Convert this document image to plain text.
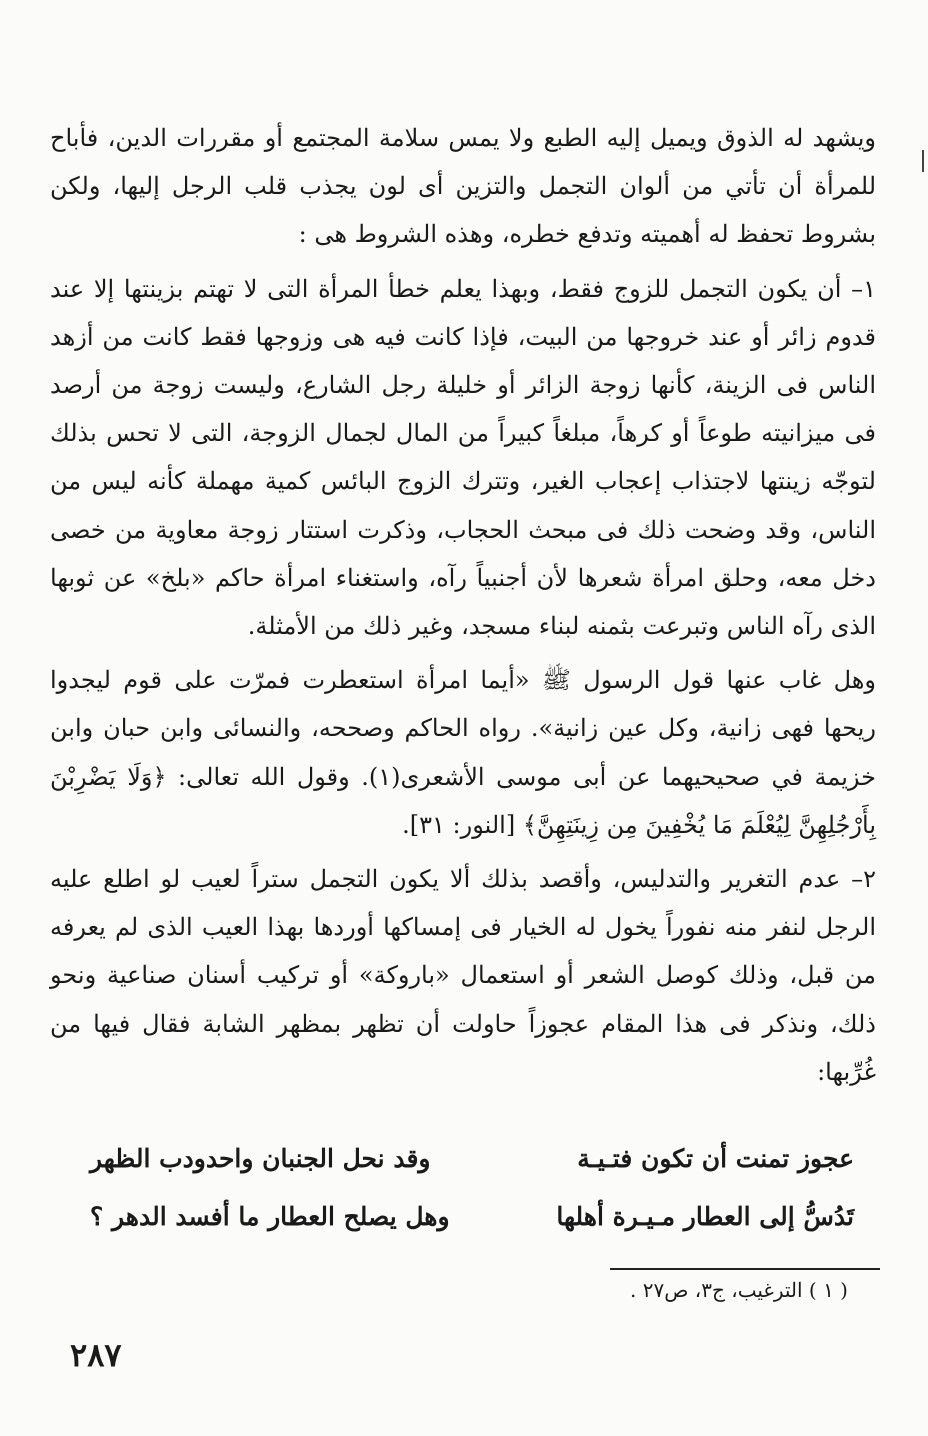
ويشهد له الذوق ويميل إليه الطبع ولا يمس سلامة المجتمع أو مقررات الدين، فأباح للمرأة أن تأتي من ألوان التجمل والتزين أى لون يجذب قلب الرجل إليها، ولكن بشروط تحفظ له أهميته وتدفع خطره، وهذه الشروط هى :

١– أن يكون التجمل للزوج فقط، وبهذا يعلم خطأ المرأة التى لا تهتم بزينتها إلا عند قدوم زائر أو عند خروجها من البيت، فإذا كانت فيه هى وزوجها فقط كانت من أزهد الناس فى الزينة، كأنها زوجة الزائر أو خليلة رجل الشارع، وليست زوجة من أرصد فى ميزانيته طوعاً أو كرهاً، مبلغاً كبيراً من المال لجمال الزوجة، التى لا تحس بذلك لتوجّه زينتها لاجتذاب إعجاب الغير، وتترك الزوج البائس كمية مهملة كأنه ليس من الناس، وقد وضحت ذلك فى مبحث الحجاب، وذكرت استتار زوجة معاوية من خصى دخل معه، وحلق امرأة شعرها لأن أجنبياً رآه، واستغناء امرأة حاكم «بلخ» عن ثوبها الذى رآه الناس وتبرعت بثمنه لبناء مسجد، وغير ذلك من الأمثلة.

وهل غاب عنها قول الرسول ﷺ «أيما امرأة استعطرت فمرّت على قوم ليجدوا ريحها فهى زانية، وكل عين زانية». رواه الحاكم وصححه، والنسائى وابن حبان وابن خزيمة في صحيحيهما عن أبى موسى الأشعرى(١). وقول الله تعالى: ﴿وَلَا يَضْرِبْنَ بِأَرْجُلِهِنَّ لِيُعْلَمَ مَا يُخْفِينَ مِن زِينَتِهِنَّ﴾ [النور: ٣١].

٢– عدم التغرير والتدليس، وأقصد بذلك ألا يكون التجمل ستراً لعيب لو اطلع عليه الرجل لنفر منه نفوراً يخول له الخيار فى إمساكها أوردها بهذا العيب الذى لم يعرفه من قبل، وذلك كوصل الشعر أو استعمال «باروكة» أو تركيب أسنان صناعية ونحو ذلك، ونذكر فى هذا المقام عجوزاً حاولت أن تظهر بمظهر الشابة فقال فيها من غُرِّبها:

عجوز تمنت أن تكون فتـيـة
وقد نحل الجنبان واحدودب الظهر
تَدُسُّ إلى العطار مـيـرة أهلها
وهل يصلح العطار ما أفسد الدهر ؟
( ١ ) الترغيب، ج٣، ص٢٧ .
٢٨٧
